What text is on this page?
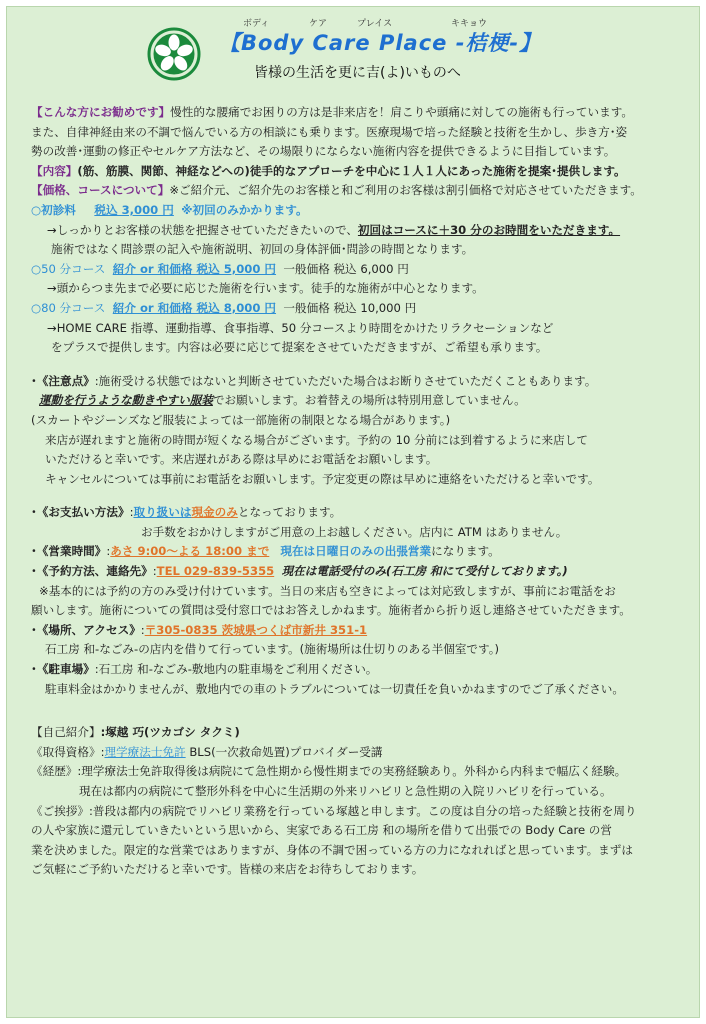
ボディ	ケア	プレイス	キキョウ
【Body Care Place -桔梗-】
皆様の生活を更に吉(よ)いものへ
【こんな方にお勧めです】慢性的な腰痛でお困りの方は是非来店を！肩こりや頭痛に対しての施術も行っています。
また、自律神経由来の不調で悩んでいる方の相談にも乗ります。医療現場で培った経験と技術を生かし、歩き方･姿
勢の改善･運動の修正やセルケア方法など、その場限りにならない施術内容を提供できるように目指しています。
【内容】(筋、筋膜、関節、神経などへの)徒手的なアプローチを中心に１人１人にあった施術を提案･提供します。
【価格、コースについて】※ご紹介元、ご紹介先のお客様と和ご利用のお客様は割引価格で対応させていただきます。
○初診料 税込 3,000 円 ※初回のみかかります。
→しっかりとお客様の状態を把握させていただきたいので、初回はコースに＋30 分のお時間をいただきます。
施術ではなく問診票の記入や施術説明、初回の身体評価･問診の時間となります。
○50 分コース 紹介 or 和価格 税込 5,000 円 一般価格 税込 6,000 円
→頭からつま先まで必要に応じた施術を行います。徒手的な施術が中心となります。
○80 分コース 紹介 or 和価格 税込 8,000 円 一般価格 税込 10,000 円
→HOME CARE 指導、運動指導、食事指導、50 分コースより時間をかけたリラクセーションなど
をプラスで提供します。内容は必要に応じて提案をさせていただきますが、ご希望も承ります。
･《注意点》:施術受ける状態ではないと判断させていただいた場合はお断りさせていただくこともあります。
運動を行うような動きやすい服装でお願いします。お着替えの場所は特別用意していません。
(スカートやジーンズなど服装によっては一部施術の制限となる場合があります。)
来店が遅れますと施術の時間が短くなる場合がございます。予約の 10 分前には到着するように来店して
いただけると幸いです。来店遅れがある際は早めにお電話をお願いします。
キャンセルについては事前にお電話をお願いします。予定変更の際は早めに連絡をいただけると幸いです。
･《お支払い方法》:取り扱いは現金のみとなっております。
お手数をおかけしますがご用意の上お越しください。店内に ATM はありません。
･《営業時間》:あさ 9:00～よる 18:00 まで 現在は日曜日のみの出張営業になります。
･《予約方法、連絡先》:TEL 029-839-5355 現在は電話受付のみ(石工房 和にて受付しております。)
※基本的には予約の方のみ受け付けています。当日の来店も空きによっては対応致しますが、事前にお電話をお
願いします。施術についての質問は受付窓口ではお答えしかねます。施術者から折り返し連絡させていただきます。
･《場所、アクセス》:〒305-0835 茨城県つくば市新井 351-1
石工房 和-なごみ-の店内を借りて行っています。(施術場所は仕切りのある半個室です。)
･《駐車場》:石工房 和-なごみ-敷地内の駐車場をご利用ください。
駐車料金はかかりませんが、敷地内での車のトラブルについては一切責任を負いかねますのでご了承ください。
【自己紹介】:塚越 巧(ツカゴシ タクミ)
《取得資格》:理学療法士免許 BLS(一次救命処置)プロバイダー受講
《経歴》:理学療法士免許取得後は病院にて急性期から慢性期までの実務経験あり。外科から内科まで幅広く経験。
現在は都内の病院にて整形外科を中心に生活期の外来リハビリと急性期の入院リハビリを行っている。
《ご挨拶》:普段は都内の病院でリハビリ業務を行っている塚越と申します。この度は自分の培った経験と技術を周り
の人や家族に還元していきたいという思いから、実家である石工房 和の場所を借りて出張での Body Care の営
業を決めました。限定的な営業ではありますが、身体の不調で困っている方の力になれればと思っています。まずは
ご気軽にご予約いただけると幸いです。皆様の来店をお待ちしております。
